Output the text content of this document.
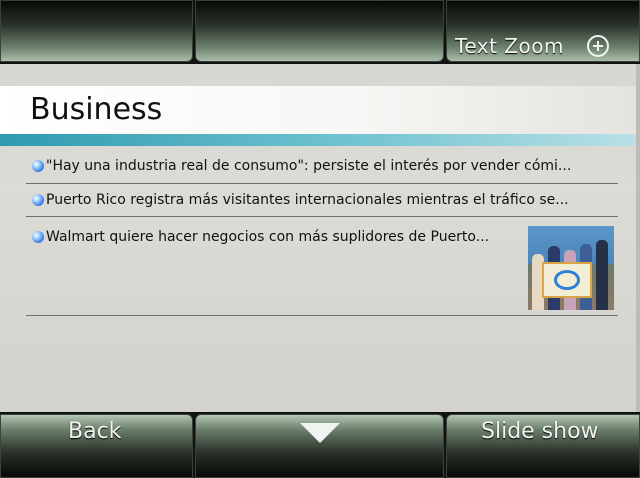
Text Zoom
Business
"Hay una industria real de consumo": persiste el interés por vender cómi...
Puerto Rico registra más visitantes internacionales mientras el tráfico se...
Walmart quiere hacer negocios con más suplidores de Puerto...
Back	Slide show
